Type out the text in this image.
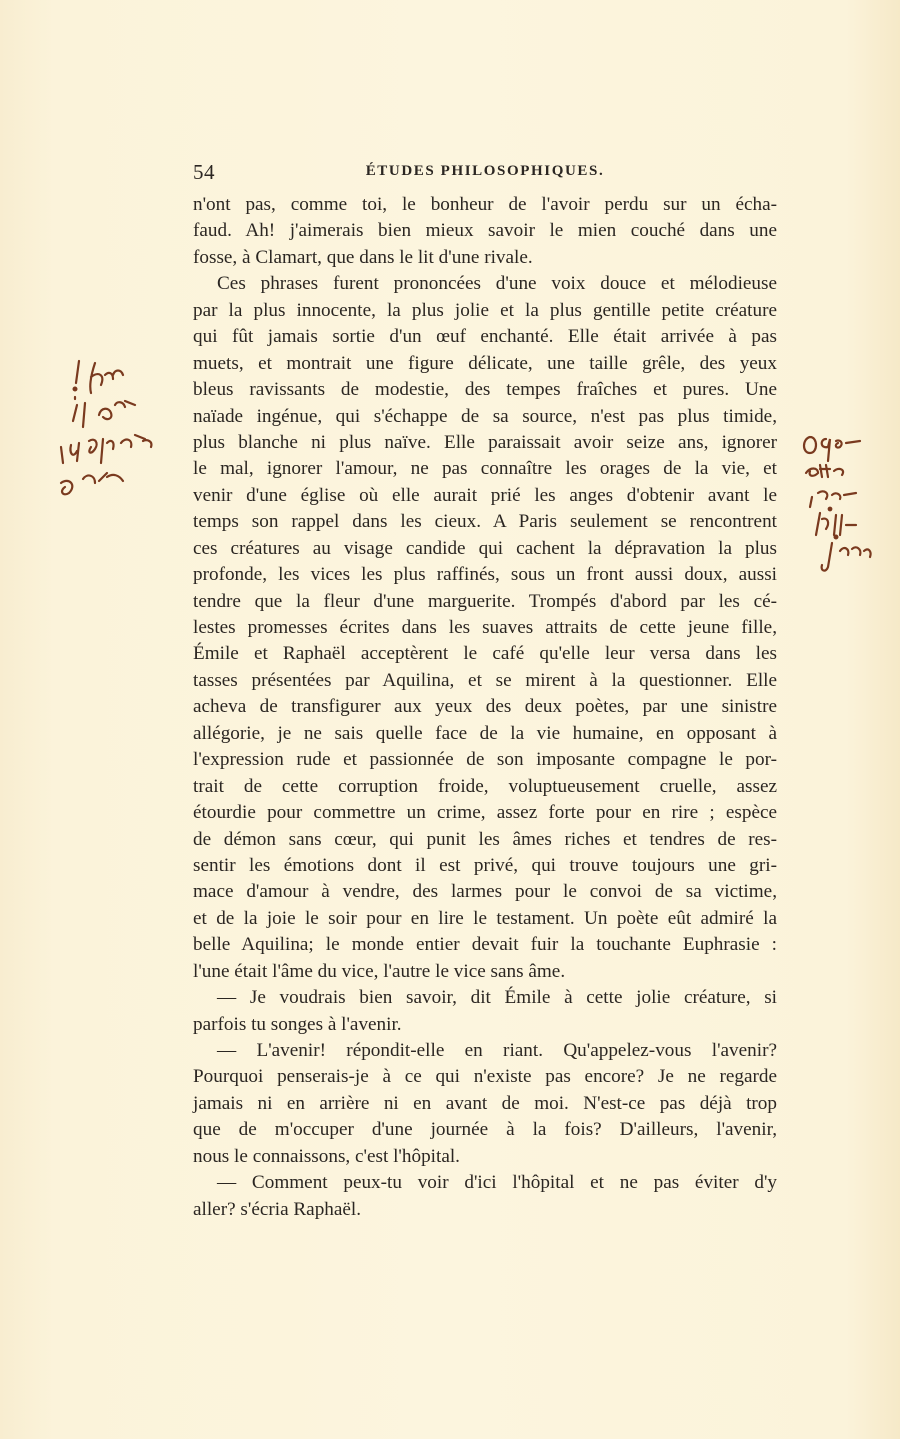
54	ÉTUDES PHILOSOPHIQUES.
n'ont pas, comme toi, le bonheur de l'avoir perdu sur un écha-
faud. Ah! j'aimerais bien mieux savoir le mien couché dans une
fosse, à Clamart, que dans le lit d'une rivale.
Ces phrases furent prononcées d'une voix douce et mélodieuse
par la plus innocente, la plus jolie et la plus gentille petite créature
qui fût jamais sortie d'un œuf enchanté. Elle était arrivée à pas
muets, et montrait une figure délicate, une taille grêle, des yeux
bleus ravissants de modestie, des tempes fraîches et pures. Une
naïade ingénue, qui s'échappe de sa source, n'est pas plus timide,
plus blanche ni plus naïve. Elle paraissait avoir seize ans, ignorer
le mal, ignorer l'amour, ne pas connaître les orages de la vie, et
venir d'une église où elle aurait prié les anges d'obtenir avant le
temps son rappel dans les cieux. A Paris seulement se rencontrent
ces créatures au visage candide qui cachent la dépravation la plus
profonde, les vices les plus raffinés, sous un front aussi doux, aussi
tendre que la fleur d'une marguerite. Trompés d'abord par les cé-
lestes promesses écrites dans les suaves attraits de cette jeune fille,
Émile et Raphaël acceptèrent le café qu'elle leur versa dans les
tasses présentées par Aquilina, et se mirent à la questionner. Elle
acheva de transfigurer aux yeux des deux poètes, par une sinistre
allégorie, je ne sais quelle face de la vie humaine, en opposant à
l'expression rude et passionnée de son imposante compagne le por-
trait de cette corruption froide, voluptueusement cruelle, assez
étourdie pour commettre un crime, assez forte pour en rire ; espèce
de démon sans cœur, qui punit les âmes riches et tendres de res-
sentir les émotions dont il est privé, qui trouve toujours une gri-
mace d'amour à vendre, des larmes pour le convoi de sa victime,
et de la joie le soir pour en lire le testament. Un poète eût admiré la
belle Aquilina; le monde entier devait fuir la touchante Euphrasie :
l'une était l'âme du vice, l'autre le vice sans âme.
— Je voudrais bien savoir, dit Émile à cette jolie créature, si
parfois tu songes à l'avenir.
— L'avenir! répondit-elle en riant. Qu'appelez-vous l'avenir?
Pourquoi penserais-je à ce qui n'existe pas encore? Je ne regarde
jamais ni en arrière ni en avant de moi. N'est-ce pas déjà trop
que de m'occuper d'une journée à la fois? D'ailleurs, l'avenir,
nous le connaissons, c'est l'hôpital.
— Comment peux-tu voir d'ici l'hôpital et ne pas éviter d'y
aller? s'écria Raphaël.
